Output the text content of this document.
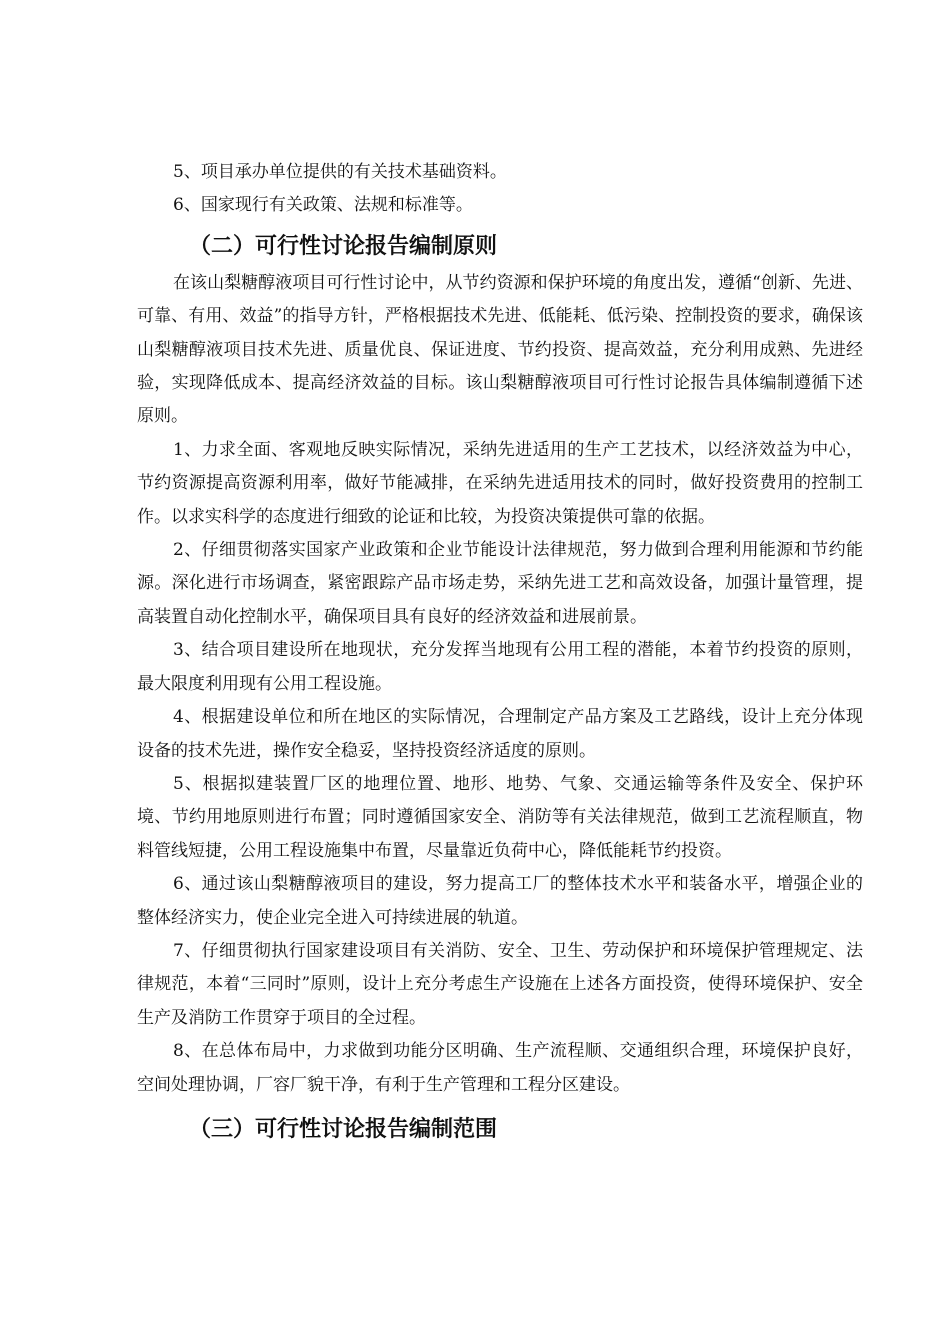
5、项目承办单位提供的有关技术基础资料。

6、国家现行有关政策、法规和标准等。

（二）可行性讨论报告编制原则

在该山梨糖醇液项目可行性讨论中，从节约资源和保护环境的角度出发，遵循“创新、先进、可靠、有用、效益”的指导方针，严格根据技术先进、低能耗、低污染、控制投资的要求，确保该山梨糖醇液项目技术先进、质量优良、保证进度、节约投资、提高效益，充分利用成熟、先进经验，实现降低成本、提高经济效益的目标。该山梨糖醇液项目可行性讨论报告具体编制遵循下述原则。

1、力求全面、客观地反映实际情况，采纳先进适用的生产工艺技术，以经济效益为中心，节约资源提高资源利用率，做好节能减排，在采纳先进适用技术的同时，做好投资费用的控制工作。以求实科学的态度进行细致的论证和比较，为投资决策提供可靠的依据。

2、仔细贯彻落实国家产业政策和企业节能设计法律规范，努力做到合理利用能源和节约能源。深化进行市场调查，紧密跟踪产品市场走势，采纳先进工艺和高效设备，加强计量管理，提高装置自动化控制水平，确保项目具有良好的经济效益和进展前景。

3、结合项目建设所在地现状，充分发挥当地现有公用工程的潜能，本着节约投资的原则，最大限度利用现有公用工程设施。

4、根据建设单位和所在地区的实际情况，合理制定产品方案及工艺路线，设计上充分体现设备的技术先进，操作安全稳妥，坚持投资经济适度的原则。

5、根据拟建装置厂区的地理位置、地形、地势、气象、交通运输等条件及安全、保护环境、节约用地原则进行布置；同时遵循国家安全、消防等有关法律规范，做到工艺流程顺直，物料管线短捷，公用工程设施集中布置，尽量靠近负荷中心，降低能耗节约投资。

6、通过该山梨糖醇液项目的建设，努力提高工厂的整体技术水平和装备水平，增强企业的整体经济实力，使企业完全进入可持续进展的轨道。

7、仔细贯彻执行国家建设项目有关消防、安全、卫生、劳动保护和环境保护管理规定、法律规范，本着“三同时”原则，设计上充分考虑生产设施在上述各方面投资，使得环境保护、安全生产及消防工作贯穿于项目的全过程。

8、在总体布局中，力求做到功能分区明确、生产流程顺、交通组织合理，环境保护良好，空间处理协调，厂容厂貌干净，有利于生产管理和工程分区建设。

（三）可行性讨论报告编制范围
